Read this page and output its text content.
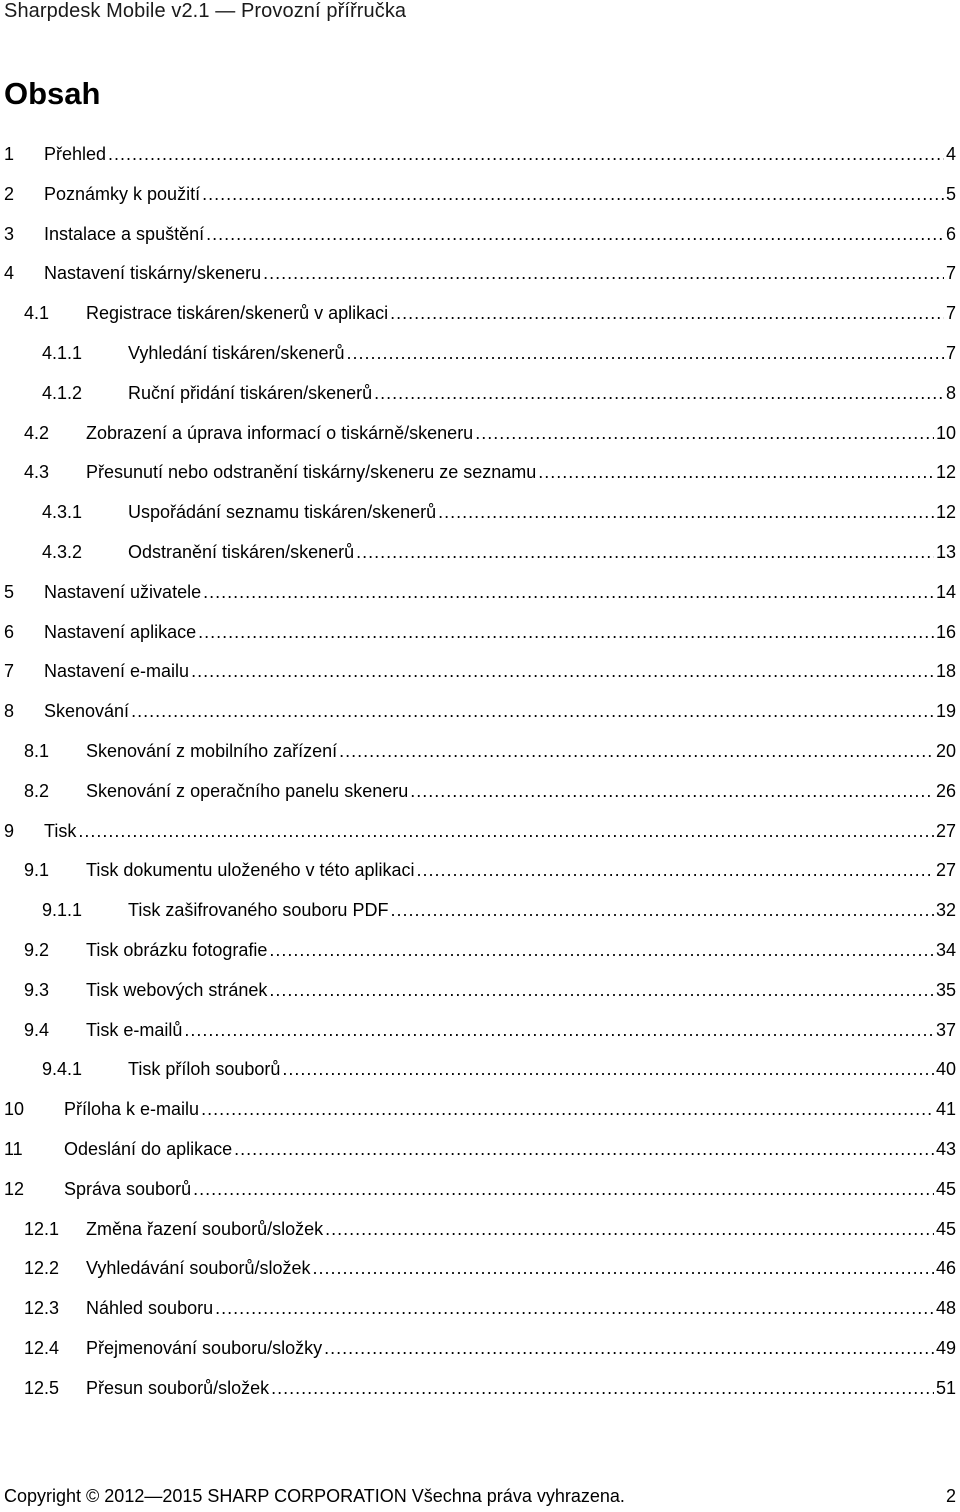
Sharpdesk Mobile v2.1 — Provozní přířručka
Obsah
1 Přehled .....	4
2 Poznámky k použití .....	5
3 Instalace a spuštění .....	6
4 Nastavení tiskárny/skeneru .....	7
4.1 Registrace tiskáren/skenerů v aplikaci .....	7
4.1.1	Vyhledání tiskáren/skenerů .....	7
4.1.2	Ruční přidání tiskáren/skenerů .....	8
4.2 Zobrazení a úprava informací o tiskárně/skeneru .....	10
4.3 Přesunutí nebo odstranění tiskárny/skeneru ze seznamu .....	12
4.3.1	Uspořádání seznamu tiskáren/skenerů .....	12
4.3.2	Odstranění tiskáren/skenerů .....	13
5 Nastavení uživatele .....	14
6 Nastavení aplikace .....	16
7 Nastavení e-mailu .....	18
8 Skenování .....	19
8.1 Skenování z mobilního zařízení .....	20
8.2 Skenování z operačního panelu skeneru .....	26
9 Tisk .....	27
9.1 Tisk dokumentu uloženého v této aplikaci .....	27
9.1.1	Tisk zašifrovaného souboru PDF .....	32
9.2 Tisk obrázku fotografie .....	34
9.3 Tisk webových stránek .....	35
9.4 Tisk e-mailů .....	37
9.4.1	Tisk příloh souborů .....	40
10 Příloha k e-mailu .....	41
11 Odeslání do aplikace .....	43
12 Správa souborů .....	45
12.1 Změna řazení souborů/složek .....	45
12.2 Vyhledávání souborů/složek .....	46
12.3 Náhled souboru .....	48
12.4 Přejmenování souboru/složky .....	49
12.5 Přesun souborů/složek .....	51
Copyright © 2012—2015 SHARP CORPORATION Všechna práva vyhrazena.	2
